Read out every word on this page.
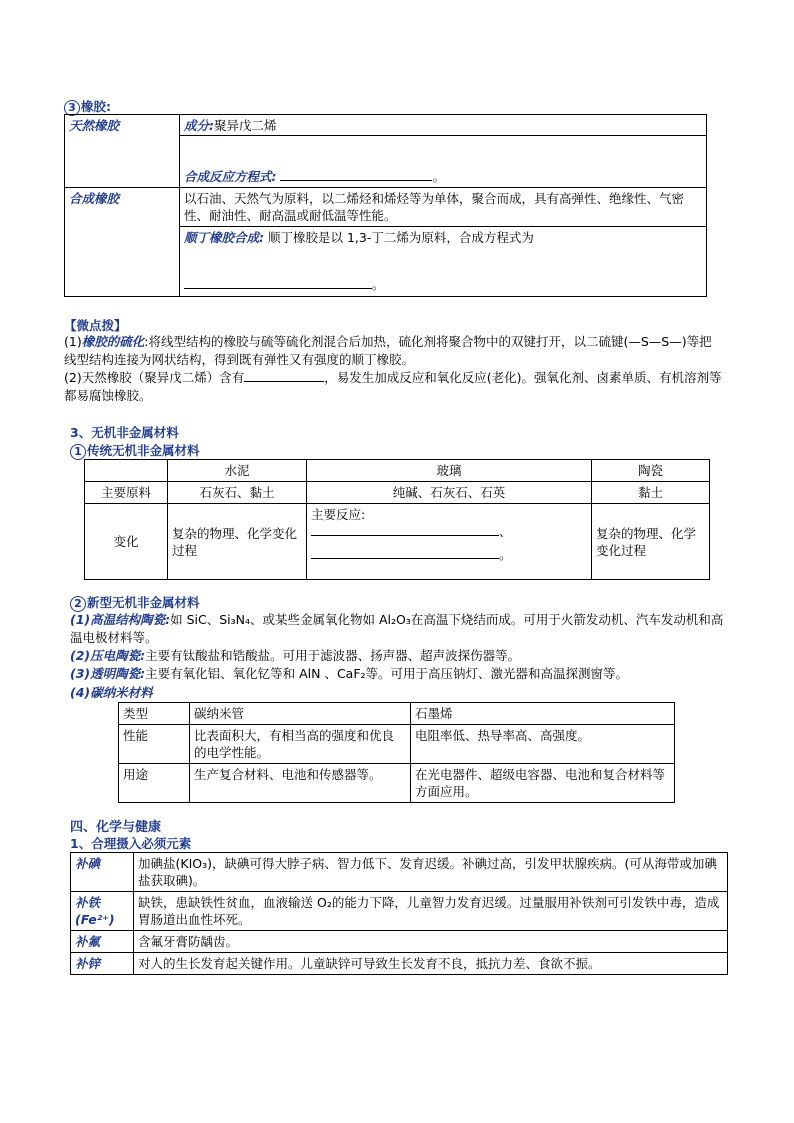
3 橡胶:
天然橡胶	成分:聚异戊二烯
合成反应方程式: 。

合成橡胶	以石油、天然气为原料，以二烯烃和烯烃等为单体，聚合而成，具有高弹性、绝缘性、气密性、耐油性、耐高温或耐低温等性能。

	顺丁橡胶合成: 顺丁橡胶是以 1,3-丁二烯为原料，合成方程式为
。
【微点拨】
(1)橡胶的硫化:将线型结构的橡胶与硫等硫化剂混合后加热，硫化剂将聚合物中的双键打开，以二硫键(—S—S—)等把线型结构连接为网状结构，得到既有弹性又有强度的顺丁橡胶。
(2)天然橡胶（聚异戊二烯）含有	，易发生加成反应和氧化反应(老化)。强氧化剂、卤素单质、有机溶剂等都易腐蚀橡胶。
3、无机非金属材料
1 传统无机非金属材料
	水泥	玻璃	陶瓷
主要原料	石灰石、黏土	纯碱、石灰石、石英	黏土
变化	复杂的物理、化学变化过程	主要反应:
、
。	复杂的物理、化学变化过程
2 新型无机非金属材料
(1)高温结构陶瓷:如 SiC、Si₃N₄、或某些金属氧化物如 Al₂O₃在高温下烧结而成。可用于火箭发动机、汽车发动机和高温电极材料等。
(2)压电陶瓷:主要有钛酸盐和锆酸盐。可用于滤波器、扬声器、超声波探伤器等。
(3)透明陶瓷:主要有氧化铝、氧化钇等和 AlN 、CaF₂等。可用于高压钠灯、激光器和高温探测窗等。
(4)碳纳米材料
类型	碳纳米管	石墨烯
性能	比表面积大，有相当高的强度和优良的电学性能。	电阻率低、热导率高、高强度。
用途	生产复合材料、电池和传感器等。	在光电器件、超级电容器、电池和复合材料等方面应用。
四、化学与健康
1、合理摄入必须元素
补碘	加碘盐(KIO₃)，缺碘可得大脖子病、智力低下、发育迟缓。补碘过高，引发甲状腺疾病。(可从海带或加碘盐获取碘)。
补铁(Fe²⁺)	缺铁，患缺铁性贫血，血液输送 O₂的能力下降，儿童智力发育迟缓。过量服用补铁剂可引发铁中毒，造成胃肠道出血性坏死。
补氟	含氟牙膏防龋齿。
补锌	对人的生长发育起关键作用。儿童缺锌可导致生长发育不良，抵抗力差、食欲不振。
